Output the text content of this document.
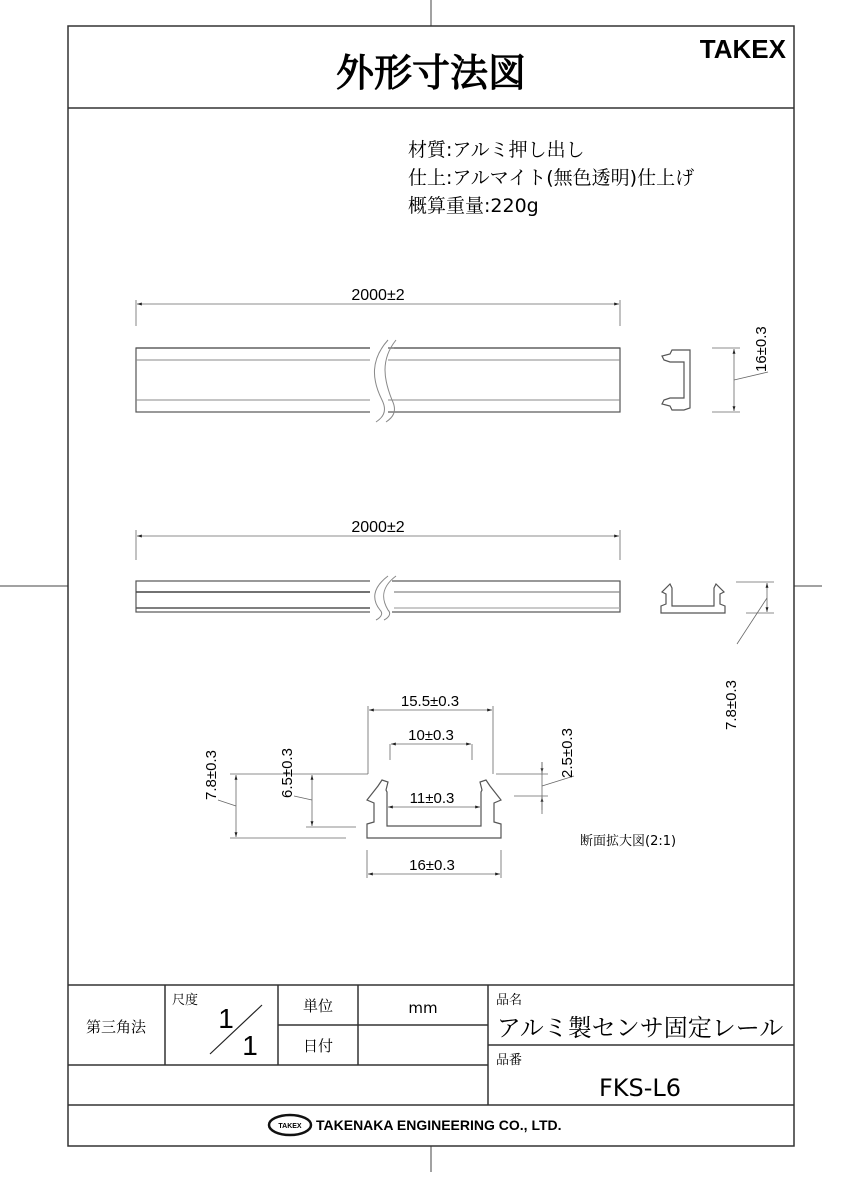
外形寸法図
TAKEX
材質:アルミ押し出し
仕上:アルマイト(無色透明)仕上げ
概算重量:220g
2000±2
16±0.3
2000±2
7.8±0.3
15.5±0.3
10±0.3
11±0.3
16±0.3
7.8±0.3	6.5±0.3	2.5±0.3
断面拡大図(2:1)
第三角法
尺度
1
1
単位	mm
日付
品名
アルミ製センサ固定レール
品番
FKS-L6
TAKEX TAKENAKA ENGINEERING CO., LTD.
